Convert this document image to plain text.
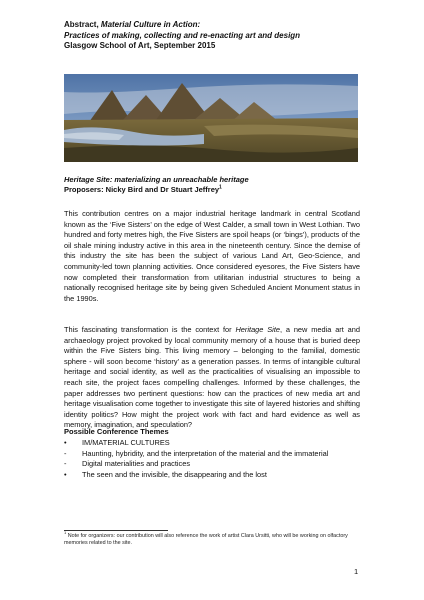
Abstract, Material Culture in Action:
Practices of making, collecting and re-enacting art and design
Glasgow School of Art, September 2015
Heritage Site: materializing an unreachable heritage
Proposers: Nicky Bird and Dr Stuart Jeffrey$^1$

This contribution centres on a major industrial heritage landmark in central Scotland known as the ‘Five Sisters’ on the edge of West Calder, a small town in West Lothian. Two hundred and forty metres high, the Five Sisters are spoil heaps (or ‘bings’), products of the oil shale mining industry active in this area in the nineteenth century. Since the demise of this industry the site has been the subject of various Land Art, Geo-Science, and community-led town planning activities. Once considered eyesores, the Five Sisters have now completed their transformation from utilitarian industrial structures to being a nationally recognised heritage site by being given Scheduled Ancient Monument status in the 1990s.

This fascinating transformation is the context for Heritage Site, a new media art and archaeology project provoked by local community memory of a house that is buried deep within the Five Sisters bing. This living memory – belonging to the familial, domestic sphere - will soon become ‘history’ as a generation passes. In terms of intangible cultural heritage and social identity, as well as the practicalities of visualising an impossible to reach site, the project faces compelling challenges. Informed by these challenges, the paper addresses two pertinent questions: how can the practices of new media art and heritage visualisation come together to investigate this site of layered histories and shifting identity politics? How might the project work with fact and hard evidence as well as memory, imagination, and speculation?

Possible Conference Themes
•	IM/MATERIAL CULTURES
-	Haunting, hybridity, and the interpretation of the material and the immaterial
-	Digital materialities and practices
•	The seen and the invisible, the disappearing and the lost
$^1$ Note for organizers: our contribution will also reference the work of artist Clara Ursitti, who will be working on olfactory memories related to the site.
1
